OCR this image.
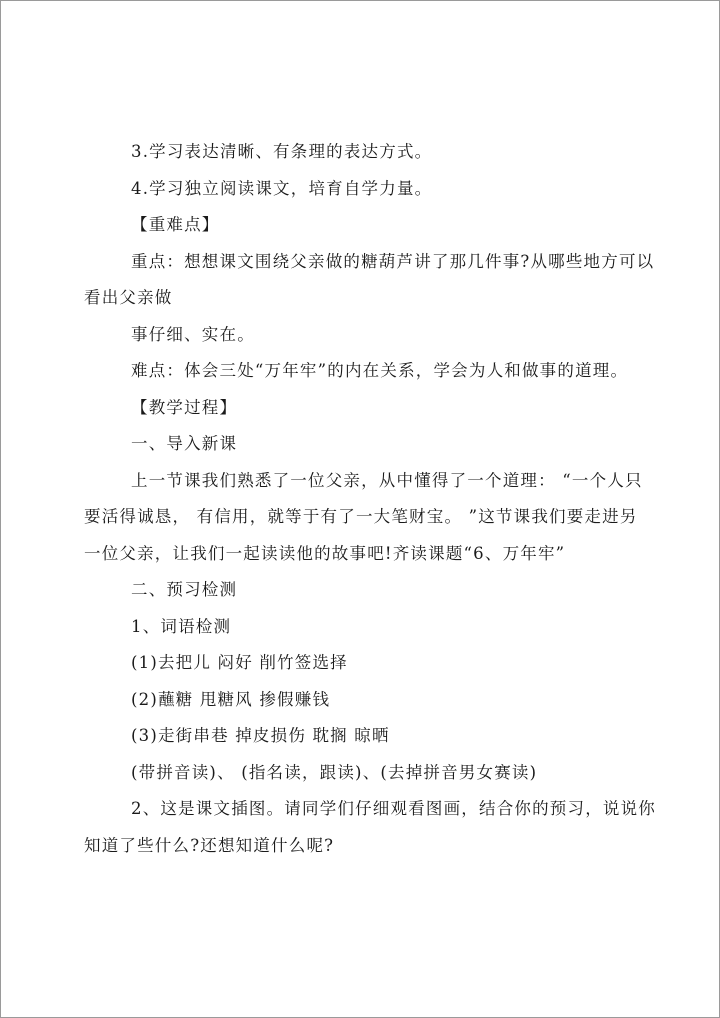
3.学习表达清晰、有条理的表达方式。
4.学习独立阅读课文，培育自学力量。
【重难点】
重点：想想课文围绕父亲做的糖葫芦讲了那几件事?从哪些地方可以
看出父亲做
事仔细、实在。
难点：体会三处“万年牢”的内在关系，学会为人和做事的道理。
【教学过程】
一、导入新课
上一节课我们熟悉了一位父亲，从中懂得了一个道理： “一个人只
要活得诚恳， 有信用，就等于有了一大笔财宝。 ”这节课我们要走进另
一位父亲，让我们一起读读他的故事吧!齐读课题“6、万年牢”
二、预习检测
1、词语检测
(1)去把儿 闷好 削竹签选择
(2)蘸糖 甩糖风 掺假赚钱
(3)走街串巷 掉皮损伤 耽搁 晾晒
(带拼音读)、 (指名读，跟读)、(去掉拼音男女赛读)
2、这是课文插图。请同学们仔细观看图画，结合你的预习，说说你
知道了些什么?还想知道什么呢?
